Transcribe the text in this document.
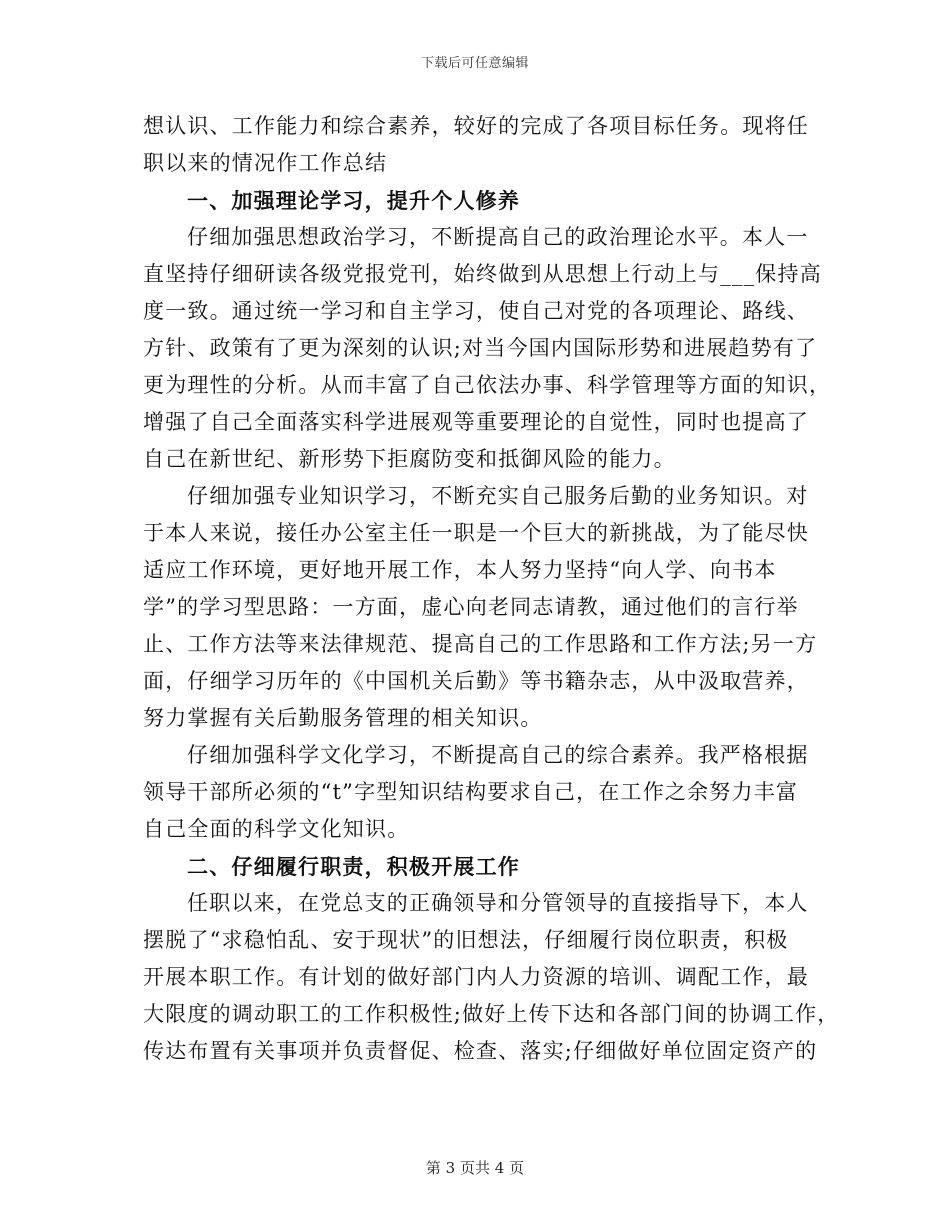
下载后可任意编辑
想认识、工作能力和综合素养，较好的完成了各项目标任务。现将任
职以来的情况作工作总结
一、加强理论学习，提升个人修养
仔细加强思想政治学习，不断提高自己的政治理论水平。本人一
直坚持仔细研读各级党报党刊，始终做到从思想上行动上与___保持高
度一致。通过统一学习和自主学习，使自己对党的各项理论、路线、
方针、政策有了更为深刻的认识;对当今国内国际形势和进展趋势有了
更为理性的分析。从而丰富了自己依法办事、科学管理等方面的知识，
增强了自己全面落实科学进展观等重要理论的自觉性，同时也提高了
自己在新世纪、新形势下拒腐防变和抵御风险的能力。
仔细加强专业知识学习，不断充实自己服务后勤的业务知识。对
于本人来说，接任办公室主任一职是一个巨大的新挑战，为了能尽快
适应工作环境，更好地开展工作，本人努力坚持“向人学、向书本
学”的学习型思路：一方面，虚心向老同志请教，通过他们的言行举
止、工作方法等来法律规范、提高自己的工作思路和工作方法;另一方
面，仔细学习历年的《中国机关后勤》等书籍杂志，从中汲取营养，
努力掌握有关后勤服务管理的相关知识。
仔细加强科学文化学习，不断提高自己的综合素养。我严格根据
领导干部所必须的“t”字型知识结构要求自己，在工作之余努力丰富
自己全面的科学文化知识。
二、仔细履行职责，积极开展工作
任职以来，在党总支的正确领导和分管领导的直接指导下，本人
摆脱了“求稳怕乱、安于现状”的旧想法，仔细履行岗位职责，积极
开展本职工作。有计划的做好部门内人力资源的培训、调配工作，最
大限度的调动职工的工作积极性;做好上传下达和各部门间的协调工作，
传达布置有关事项并负责督促、检查、落实;仔细做好单位固定资产的
第 3 页共 4 页
